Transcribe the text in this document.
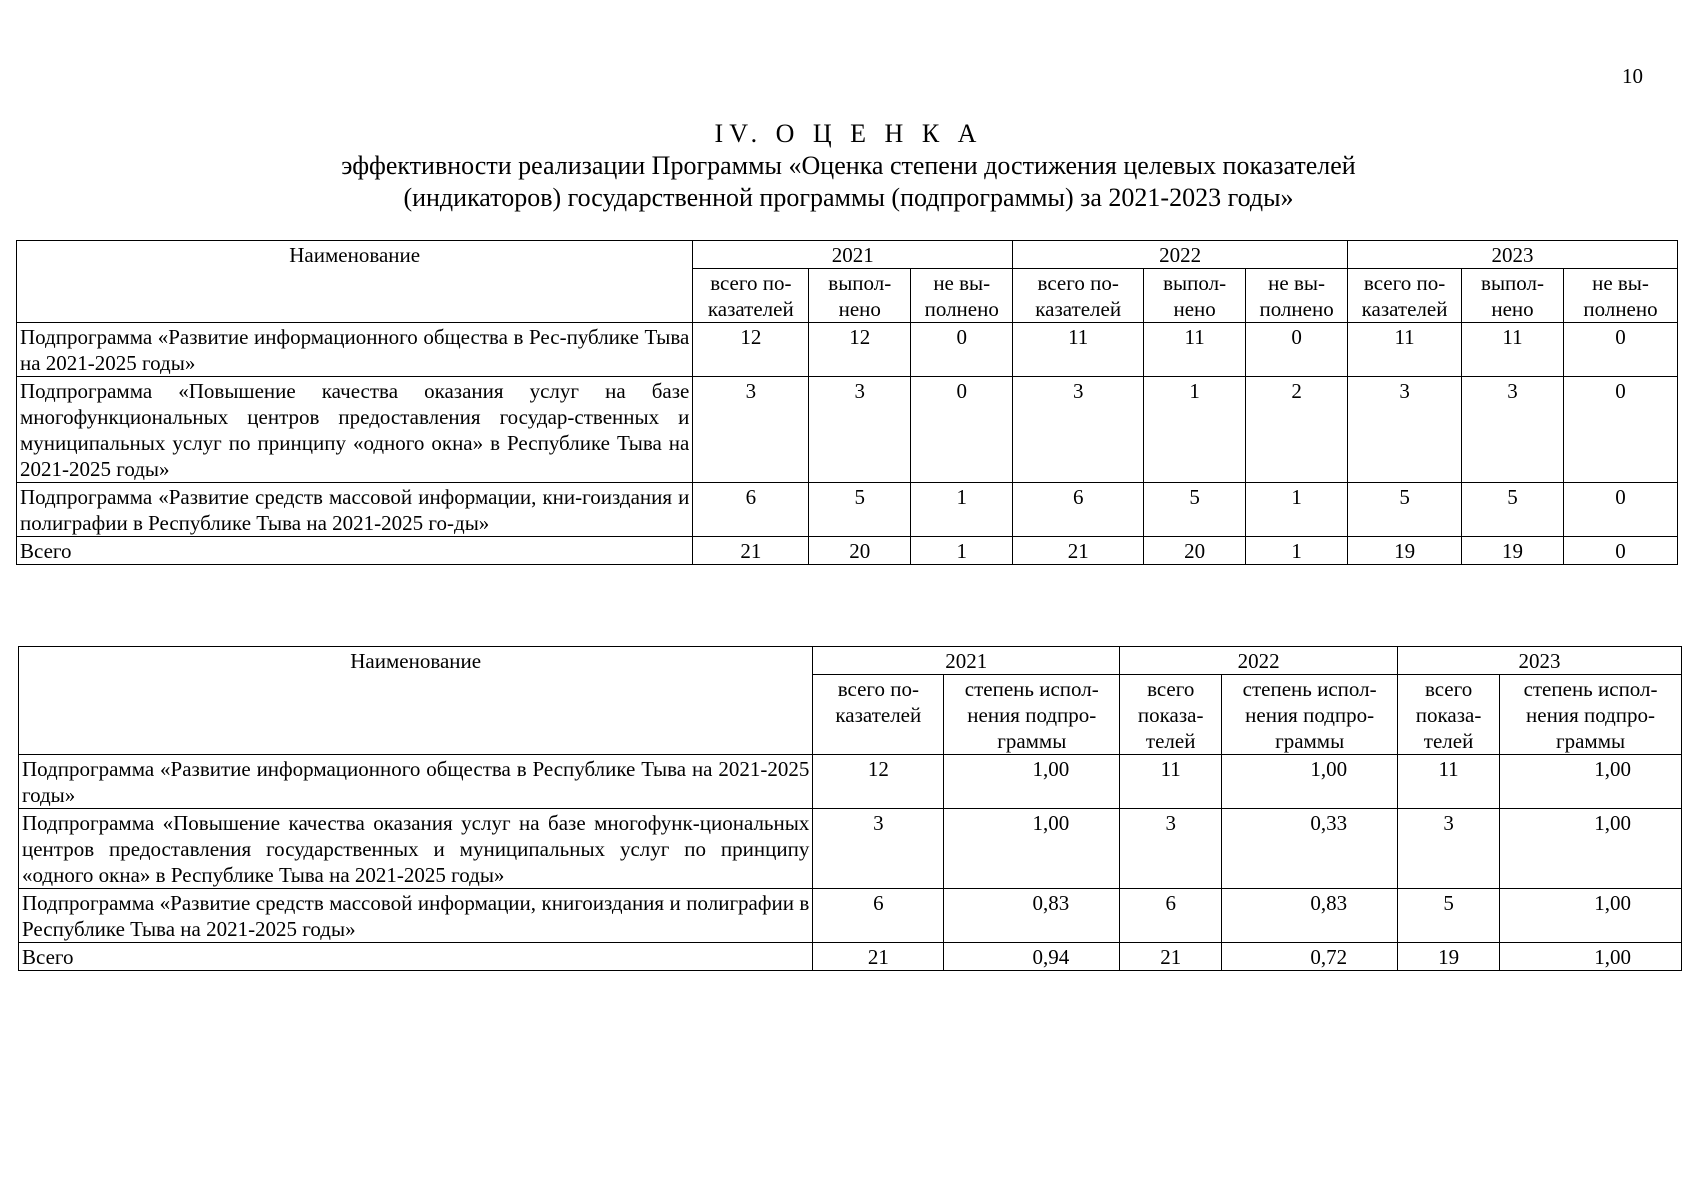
10
IV. О Ц Е Н К А
эффективности реализации Программы «Оценка степени достижения целевых показателей
(индикаторов) государственной программы (подпрограммы) за 2021-2023 годы»
Наименование	2021			2022			2023		
	всего по-казателей	выпол-нено	не вы-полнено	всего по-казателей	выпол-нено	не вы-полнено	всего по-казателей	выпол-нено	не вы-полнено
Подпрограмма «Развитие информационного общества в Рес-публике Тыва на 2021-2025 годы»	12	12	0	11	11	0	11	11	0
Подпрограмма «Повышение качества оказания услуг на базе многофункциональных центров предоставления государ-ственных и муниципальных услуг по принципу «одного окна» в Республике Тыва на 2021-2025 годы»	3	3	0	3	1	2	3	3	0
Подпрограмма «Развитие средств массовой информации, кни-гоиздания и полиграфии в Республике Тыва на 2021-2025 го-ды»	6	5	1	6	5	1	5	5	0
Всего	21	20	1	21	20	1	19	19	0
Наименование	2021		2022		2023	
	всего по-казателей	степень испол-нения подпро-граммы	всего показа-телей	степень испол-нения подпро-граммы	всего показа-телей	степень испол-нения подпро-граммы
Подпрограмма «Развитие информационного общества в Республике Тыва на 2021-2025 годы»	12	1,00	11	1,00	11	1,00
Подпрограмма «Повышение качества оказания услуг на базе многофунк-циональных центров предоставления государственных и муниципальных услуг по принципу «одного окна» в Республике Тыва на 2021-2025 годы»	3	1,00	3	0,33	3	1,00
Подпрограмма «Развитие средств массовой информации, книгоиздания и полиграфии в Республике Тыва на 2021-2025 годы»	6	0,83	6	0,83	5	1,00
Всего	21	0,94	21	0,72	19	1,00
